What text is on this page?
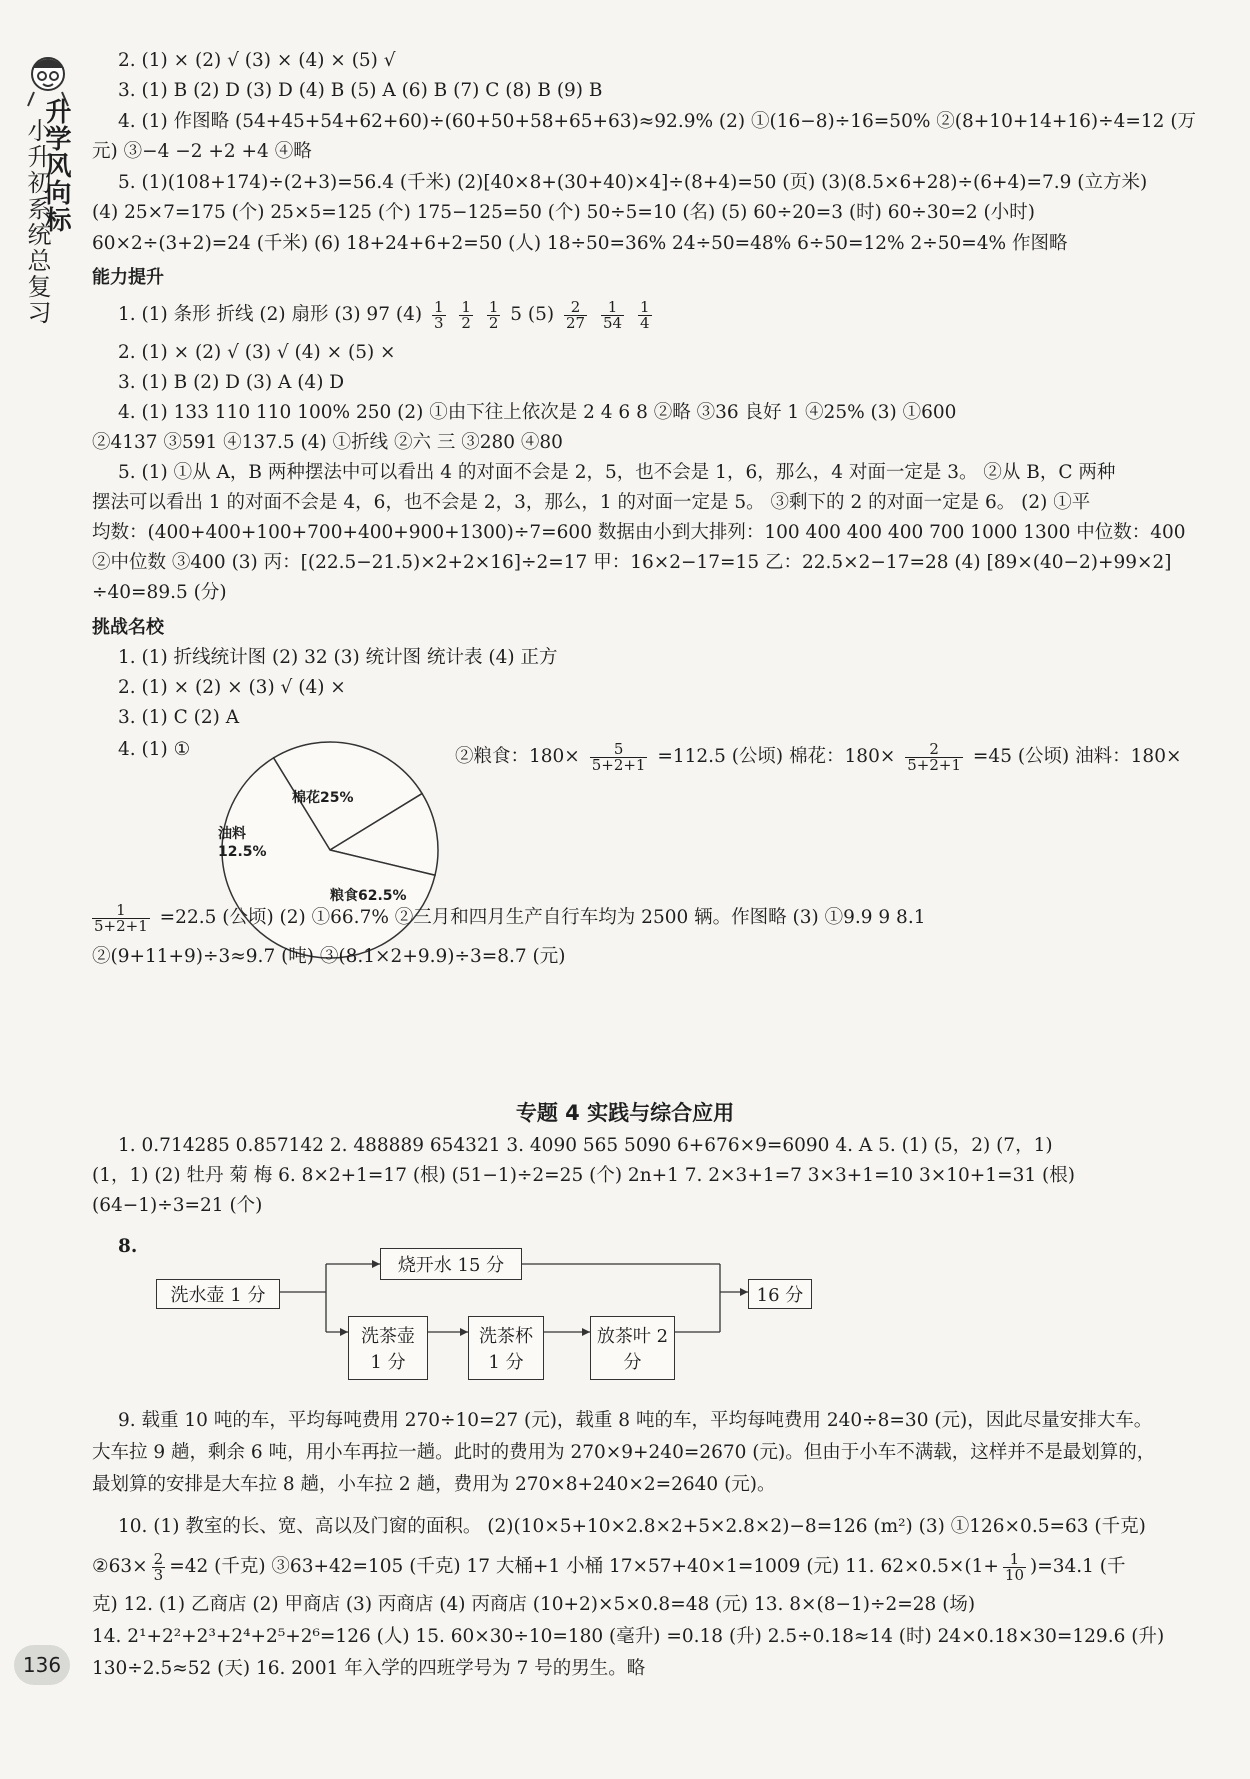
升学风向标
小升初系统总复习
2. (1) × (2) √ (3) × (4) × (5) √
3. (1) B (2) D (3) D (4) B (5) A (6) B (7) C (8) B (9) B
4. (1) 作图略 (54+45+54+62+60)÷(60+50+58+65+63)≈92.9% (2) ①(16−8)÷16=50% ②(8+10+14+16)÷4=12 (万
元) ③−4 −2 +2 +4 ④略
5. (1)(108+174)÷(2+3)=56.4 (千米) (2)[40×8+(30+40)×4]÷(8+4)=50 (页) (3)(8.5×6+28)÷(6+4)=7.9 (立方米)
(4) 25×7=175 (个) 25×5=125 (个) 175−125=50 (个) 50÷5=10 (名) (5) 60÷20=3 (时) 60÷30=2 (小时)
60×2÷(3+2)=24 (千米) (6) 18+24+6+2=50 (人) 18÷50=36% 24÷50=48% 6÷50=12% 2÷50=4% 作图略
能力提升
1. (1) 条形 折线 (2) 扇形 (3) 97 $(4) \frac{1}{3}$
$\frac{1}{2}$
$\frac{1}{2} 5$ $(5) \frac{2}{27}$
$\frac{1}{54}$
$\frac{1}{4}$
2. (1) × (2) √ (3) √ (4) × (5) ×
3. (1) B (2) D (3) A (4) D
4. (1) 133 110 110 100% 250 (2) ①由下往上依次是 2 4 6 8 ②略 ③36 良好 1 ④25% (3) ①600
②4137 ③591 ④137.5 (4) ①折线 ②六 三 ③280 ④80
5. (1) ①从 A，B 两种摆法中可以看出 4 的对面不会是 2，5，也不会是 1，6，那么，4 对面一定是 3。 ②从 B，C 两种
摆法可以看出 1 的对面不会是 4，6，也不会是 2，3，那么，1 的对面一定是 5。 ③剩下的 2 的对面一定是 6。 (2) ①平
均数：(400+400+100+700+400+900+1300)÷7=600 数据由小到大排列：100 400 400 400 700 1000 1300 中位数：400
②中位数 ③400 (3) 丙：[(22.5−21.5)×2+2×16]÷2=17 甲：16×2−17=15 乙：22.5×2−17=28 (4) [89×(40−2)+99×2]
÷40=89.5 (分)
挑战名校
1. (1) 折线统计图 (2) 32 (3) 统计图 统计表 (4) 正方
2. (1) × (2) × (3) √ (4) ×
3. (1) C (2) A
4. (1) ①
粮食62.5%
棉花25%
油料 12.5%
②粮食：$180\times \frac{5}{5+2+1} =112.5$ (公顷) 棉花：$180\times \frac{2}{5+2+1} =45$ (公顷) 油料：180×
$\frac{1}{5+2+1} =22.5$ (公顷) (2) ①66.7% ②三月和四月生产自行车均为 2500 辆。作图略 (3) ①9.9 9 8.1
②(9+11+9)÷3≈9.7 (吨) ③(8.1×2+9.9)÷3=8.7 (元)
专题 4 实践与综合应用
1. 0.714285 0.857142 2. 488889 654321 3. 4090 565 5090 6+676×9=6090 4. A 5. (1) (5，2) (7，1)
(1，1) (2) 牡丹 菊 梅 6. 8×2+1=17 (根) (51−1)÷2=25 (个) 2n+1 7. 2×3+1=7 3×3+1=10 3×10+1=31 (根)
(64−1)÷3=21 (个)
8.
洗水壶 1 分
烧开水 15 分
洗茶壶 1 分
洗茶杯 1 分
放茶叶 2 分
16 分
9. 载重 10 吨的车，平均每吨费用 270÷10=27 (元)，载重 8 吨的车，平均每吨费用 240÷8=30 (元)，因此尽量安排大车。
大车拉 9 趟，剩余 6 吨，用小车再拉一趟。此时的费用为 270×9+240=2670 (元)。但由于小车不满载，这样并不是最划算的，
最划算的安排是大车拉 8 趟，小车拉 2 趟，费用为 270×8+240×2=2640 (元)。
10. (1) 教室的长、宽、高以及门窗的面积。 (2)(10×5+10×2.8×2+5×2.8×2)−8=126 (m²) (3) ①126×0.5=63 (千克)
②63× $\frac{2}{3} =42$ (千克) ③63+42=105 (千克) 17 大桶+1 小桶 17×57+40×1=1009 (元) 11. $62\times 0.5\times(1+ \frac{1}{10} )=34.1$ (千
克) 12. (1) 乙商店 (2) 甲商店 (3) 丙商店 (4) 丙商店 (10+2)×5×0.8=48 (元) 13. 8×(8−1)÷2=28 (场)
14. 2¹+2²+2³+2⁴+2⁵+2⁶=126 (人) 15. 60×30÷10=180 (毫升) =0.18 (升) 2.5÷0.18≈14 (时) 24×0.18×30=129.6 (升)
130÷2.5≈52 (天) 16. 2001 年入学的四班学号为 7 号的男生。略
136
